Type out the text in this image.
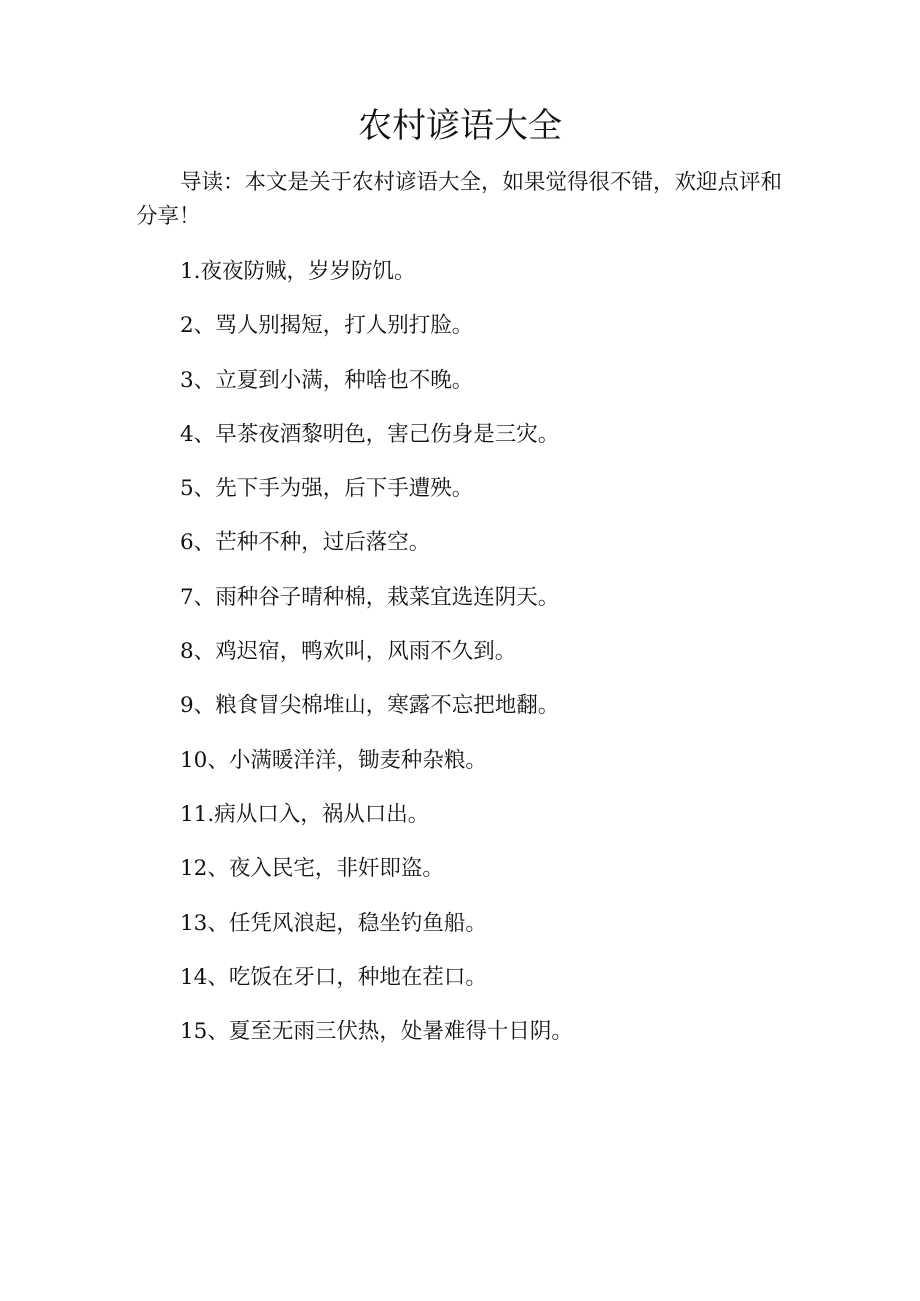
农村谚语大全
导读：本文是关于农村谚语大全，如果觉得很不错，欢迎点评和分享！
1.夜夜防贼，岁岁防饥。
2、骂人别揭短，打人别打脸。
3、立夏到小满，种啥也不晚。
4、早茶夜酒黎明色，害己伤身是三灾。
5、先下手为强，后下手遭殃。
6、芒种不种，过后落空。
7、雨种谷子晴种棉，栽菜宜选连阴天。
8、鸡迟宿，鸭欢叫，风雨不久到。
9、粮食冒尖棉堆山，寒露不忘把地翻。
10、小满暖洋洋，锄麦种杂粮。
11.病从口入，祸从口出。
12、夜入民宅，非奸即盗。
13、任凭风浪起，稳坐钓鱼船。
14、吃饭在牙口，种地在茬口。
15、夏至无雨三伏热，处暑难得十日阴。
